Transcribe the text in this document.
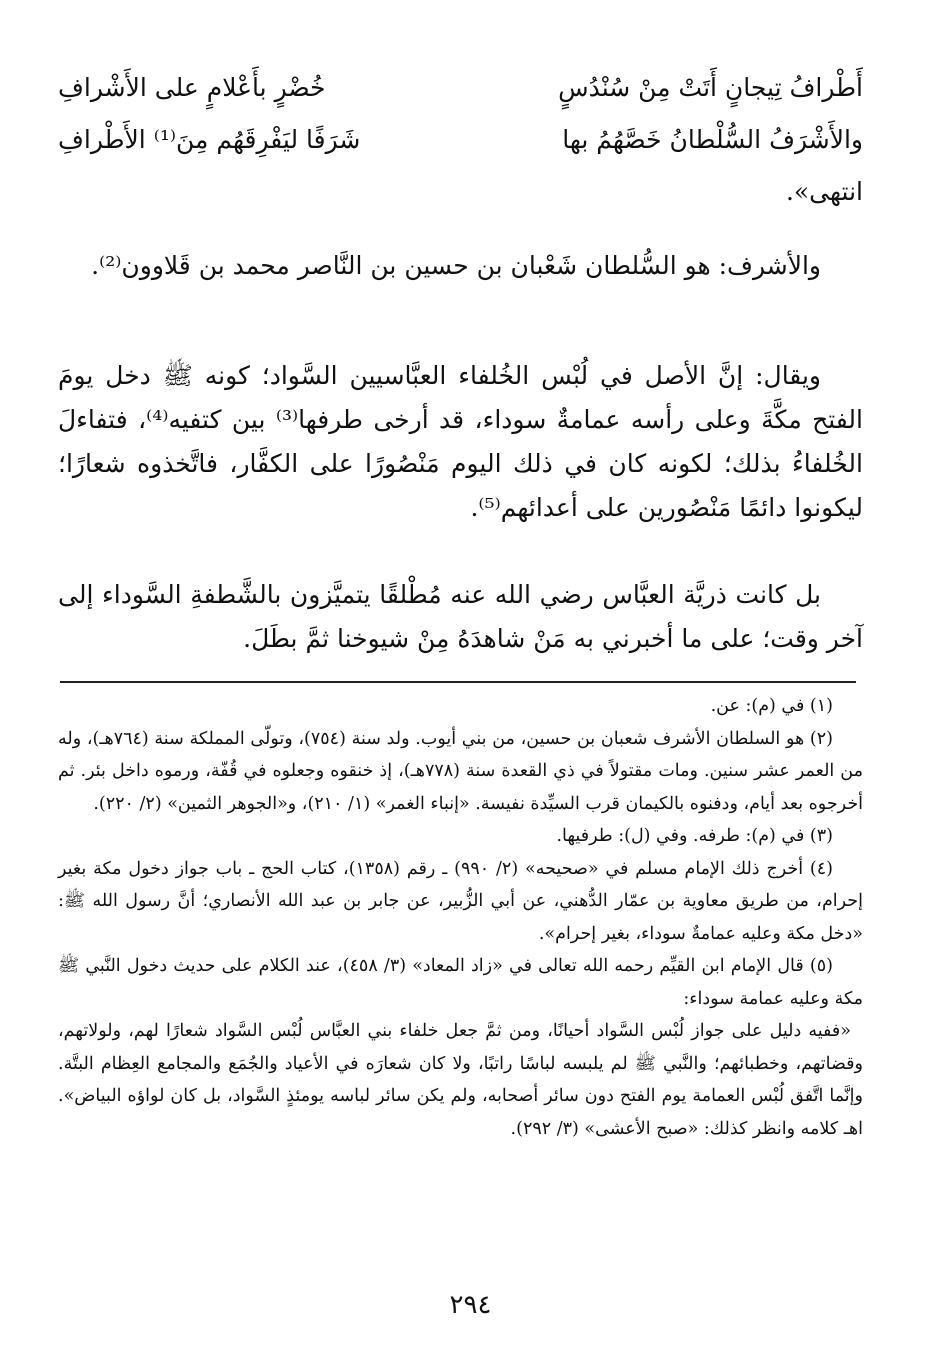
أَطْرافُ تِيجانٍ أَتَتْ مِنْ سُنْدُسٍ
خُضْرٍ بأَعْلامٍ على الأَشْرافِ
والأَشْرَفُ السُّلْطانُ خَصَّهُمُ بها
شَرَفًا ليَفْرِقَهُم مِنَ⁽¹⁾ الأَطْرافِ
انتهى».

والأشرف: هو السُّلطان شَعْبان بن حسين بن النَّاصر محمد بن قَلاوون⁽²⁾.

ويقال: إنَّ الأصل في لُبْس الخُلفاء العبَّاسيين السَّواد؛ كونه ﷺ دخل يومَ الفتح مكَّةَ وعلى رأسه عمامةٌ سوداء، قد أرخى طرفها⁽³⁾ بين كتفيه⁽⁴⁾، فتفاءلَ الخُلفاءُ بذلك؛ لكونه كان في ذلك اليوم مَنْصُورًا على الكفَّار، فاتَّخذوه شعارًا؛ ليكونوا دائمًا مَنْصُورين على أعدائهم⁽⁵⁾.

بل كانت ذريَّة العبَّاس رضي الله عنه مُطْلقًا يتميَّزون بالشَّطفةِ السَّوداء إلى آخر وقت؛ على ما أخبرني به مَنْ شاهدَهُ مِنْ شيوخنا ثمَّ بطَلَ.

(١) في (م): عن.

(٢) هو السلطان الأشرف شعبان بن حسين، من بني أيوب. ولد سنة (٧٥٤)، وتولّى المملكة سنة (٧٦٤هـ)، وله من العمر عشر سنين. ومات مقتولاً في ذي القعدة سنة (٧٧٨هـ)، إذ خنقوه وجعلوه في قُفّة، ورموه داخل بئر. ثم أخرجوه بعد أيام، ودفنوه بالكيمان قرب السيِّدة نفيسة. «إنباء الغمر» (١/ ٢١٠)، و«الجوهر الثمين» (٢/ ٢٢٠).

(٣) في (م): طرفه. وفي (ل): طرفيها.

(٤) أخرج ذلك الإمام مسلم في «صحيحه» (٢/ ٩٩٠) ـ رقم (١٣٥٨)، كتاب الحج ـ باب جواز دخول مكة بغير إحرام، من طريق معاوية بن عمّار الدُّهني، عن أبي الزُّبير، عن جابر بن عبد الله الأنصاري؛ أنَّ رسول الله ﷺ: «دخل مكة وعليه عمامةٌ سوداء، بغير إحرام».

(٥) قال الإمام ابن القيِّم رحمه الله تعالى في «زاد المعاد» (٣/ ٤٥٨)، عند الكلام على حديث دخول النَّبي ﷺ مكة وعليه عمامة سوداء:

«ففيه دليل على جواز لُبْس السَّواد أحيانًا، ومن ثمَّ جعل خلفاء بني العبَّاس لُبْس السَّواد شعارًا لهم، ولولاتهم، وقضاتهم، وخطبائهم؛ والنَّبي ﷺ لم يلبسه لباسًا راتبًا، ولا كان شعارَه في الأعياد والجُمَع والمجامع العِظام البتَّة. وإنَّما اتَّفق لُبْس العمامة يوم الفتح دون سائر أصحابه، ولم يكن سائر لباسه يومئذٍ السَّواد، بل كان لواؤه البياض». اهـ كلامه وانظر كذلك: «صبح الأعشى» (٣/ ٢٩٢).

٢٩٤
